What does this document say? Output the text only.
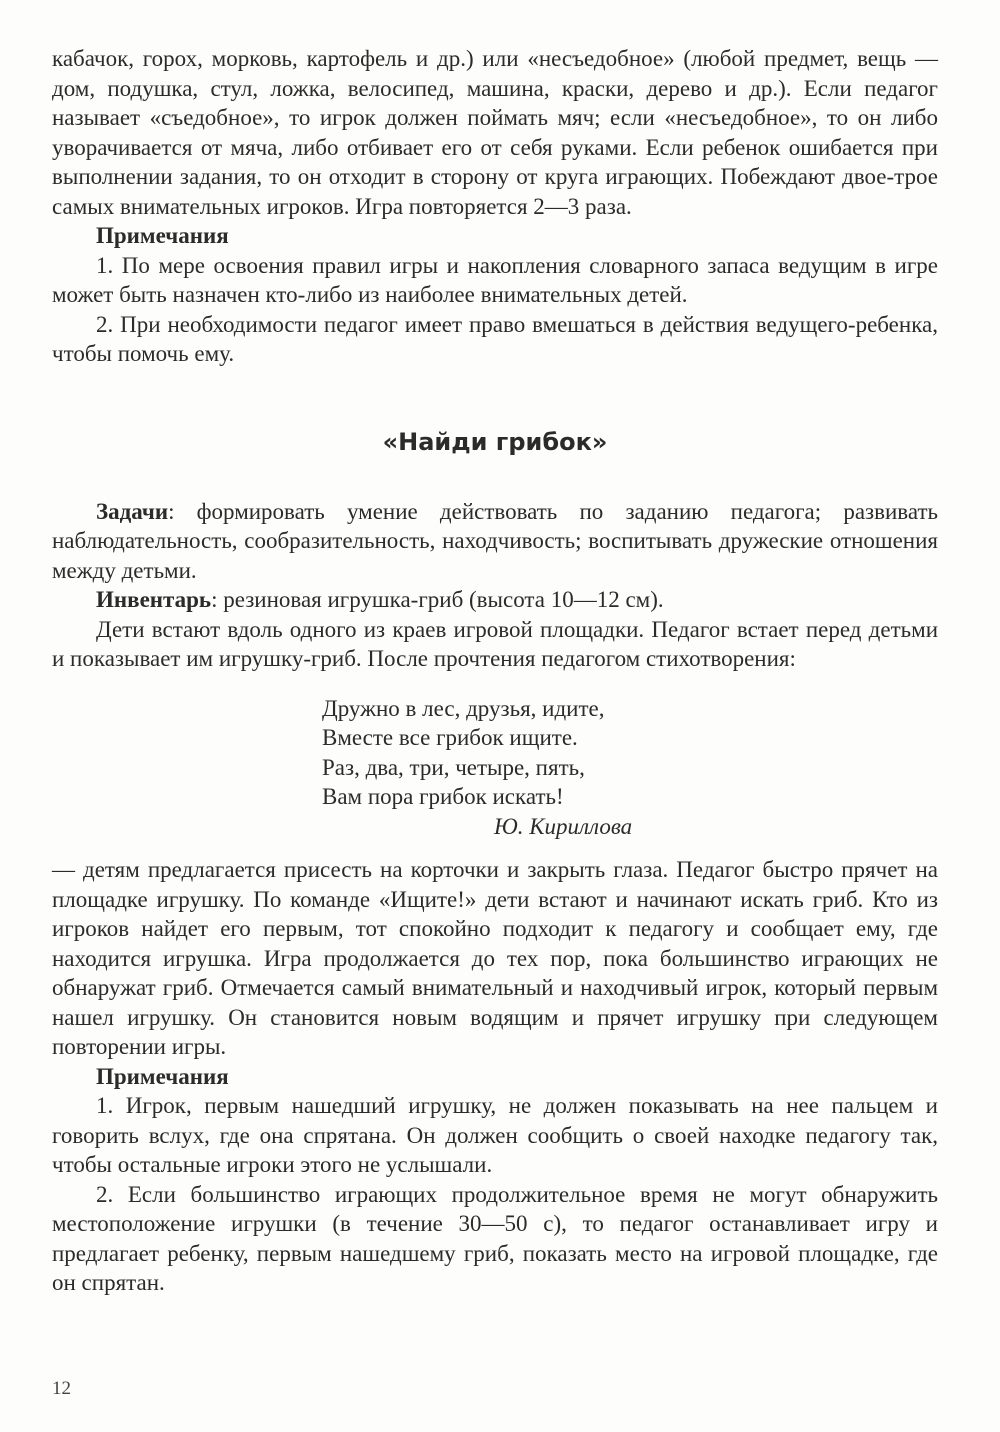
кабачок, горох, морковь, картофель и др.) или «несъедобное» (любой предмет, вещь — дом, подушка, стул, ложка, велосипед, машина, краски, дерево и др.). Если педагог называет «съедобное», то игрок должен поймать мяч; если «несъедобное», то он либо уворачивается от мяча, либо отбивает его от себя руками. Если ребенок ошибается при выполнении задания, то он отходит в сторону от круга играющих. Побеждают двое-трое самых внимательных игроков. Игра повторяется 2—3 раза.

Примечания

1. По мере освоения правил игры и накопления словарного запаса ведущим в игре может быть назначен кто-либо из наиболее внимательных детей.

2. При необходимости педагог имеет право вмешаться в действия ведущего-ребенка, чтобы помочь ему.

«Найди грибок»

Задачи: формировать умение действовать по заданию педагога; развивать наблюдательность, сообразительность, находчивость; воспитывать дружеские отношения между детьми.

Инвентарь: резиновая игрушка-гриб (высота 10—12 см).

Дети встают вдоль одного из краев игровой площадки. Педагог встает перед детьми и показывает им игрушку-гриб. После прочтения педагогом стихотворения:

Дружно в лес, друзья, идите,
Вместе все грибок ищите.
Раз, два, три, четыре, пять,
Вам пора грибок искать!
Ю. Кириллова

— детям предлагается присесть на корточки и закрыть глаза. Педагог быстро прячет на площадке игрушку. По команде «Ищите!» дети встают и начинают искать гриб. Кто из игроков найдет его первым, тот спокойно подходит к педагогу и сообщает ему, где находится игрушка. Игра продолжается до тех пор, пока большинство играющих не обнаружат гриб. Отмечается самый внимательный и находчивый игрок, который первым нашел игрушку. Он становится новым водящим и прячет игрушку при следующем повторении игры.

Примечания

1. Игрок, первым нашедший игрушку, не должен показывать на нее пальцем и говорить вслух, где она спрятана. Он должен сообщить о своей находке педагогу так, чтобы остальные игроки этого не услышали.

2. Если большинство играющих продолжительное время не могут обнаружить местоположение игрушки (в течение 30—50 с), то педагог останавливает игру и предлагает ребенку, первым нашедшему гриб, показать место на игровой площадке, где он спрятан.

12
